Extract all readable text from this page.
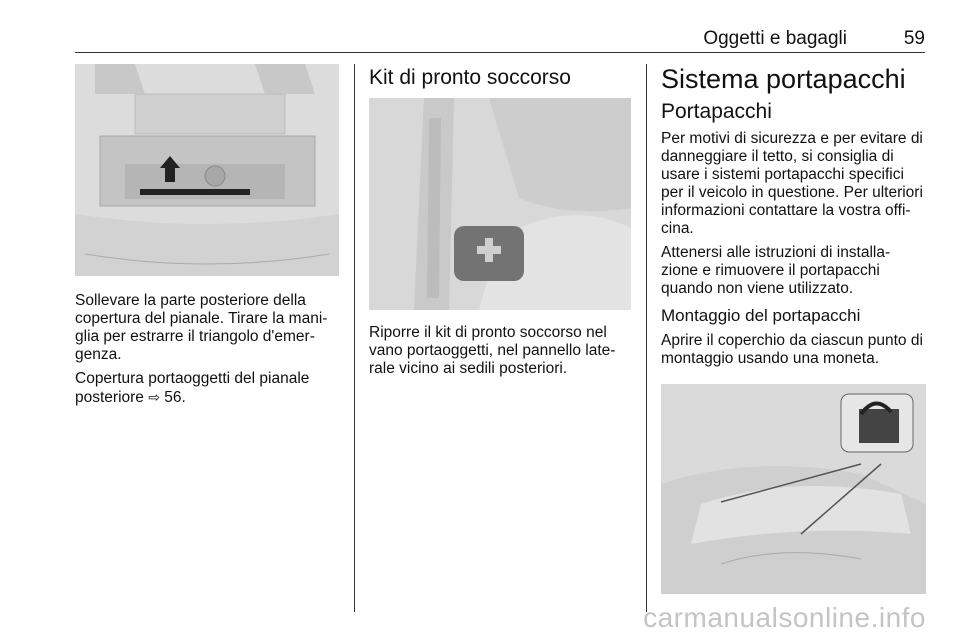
Oggetti e bagagli	59

Sollevare la parte posteriore della copertura del pianale. Tirare la mani-glia per estrarre il triangolo d'emer-genza.

Copertura portaoggetti del pianale posteriore ⇨ 56.

Kit di pronto soccorso

Riporre il kit di pronto soccorso nel vano portaoggetti, nel pannello late-rale vicino ai sedili posteriori.

Sistema portapacchi
Portapacchi

Per motivi di sicurezza e per evitare di danneggiare il tetto, si consiglia di usare i sistemi portapacchi specifici per il veicolo in questione. Per ulteriori informazioni contattare la vostra offi-cina.

Attenersi alle istruzioni di installa-zione e rimuovere il portapacchi quando non viene utilizzato.

Montaggio del portapacchi

Aprire il coperchio da ciascun punto di montaggio usando una moneta.

carmanualsonline.info
